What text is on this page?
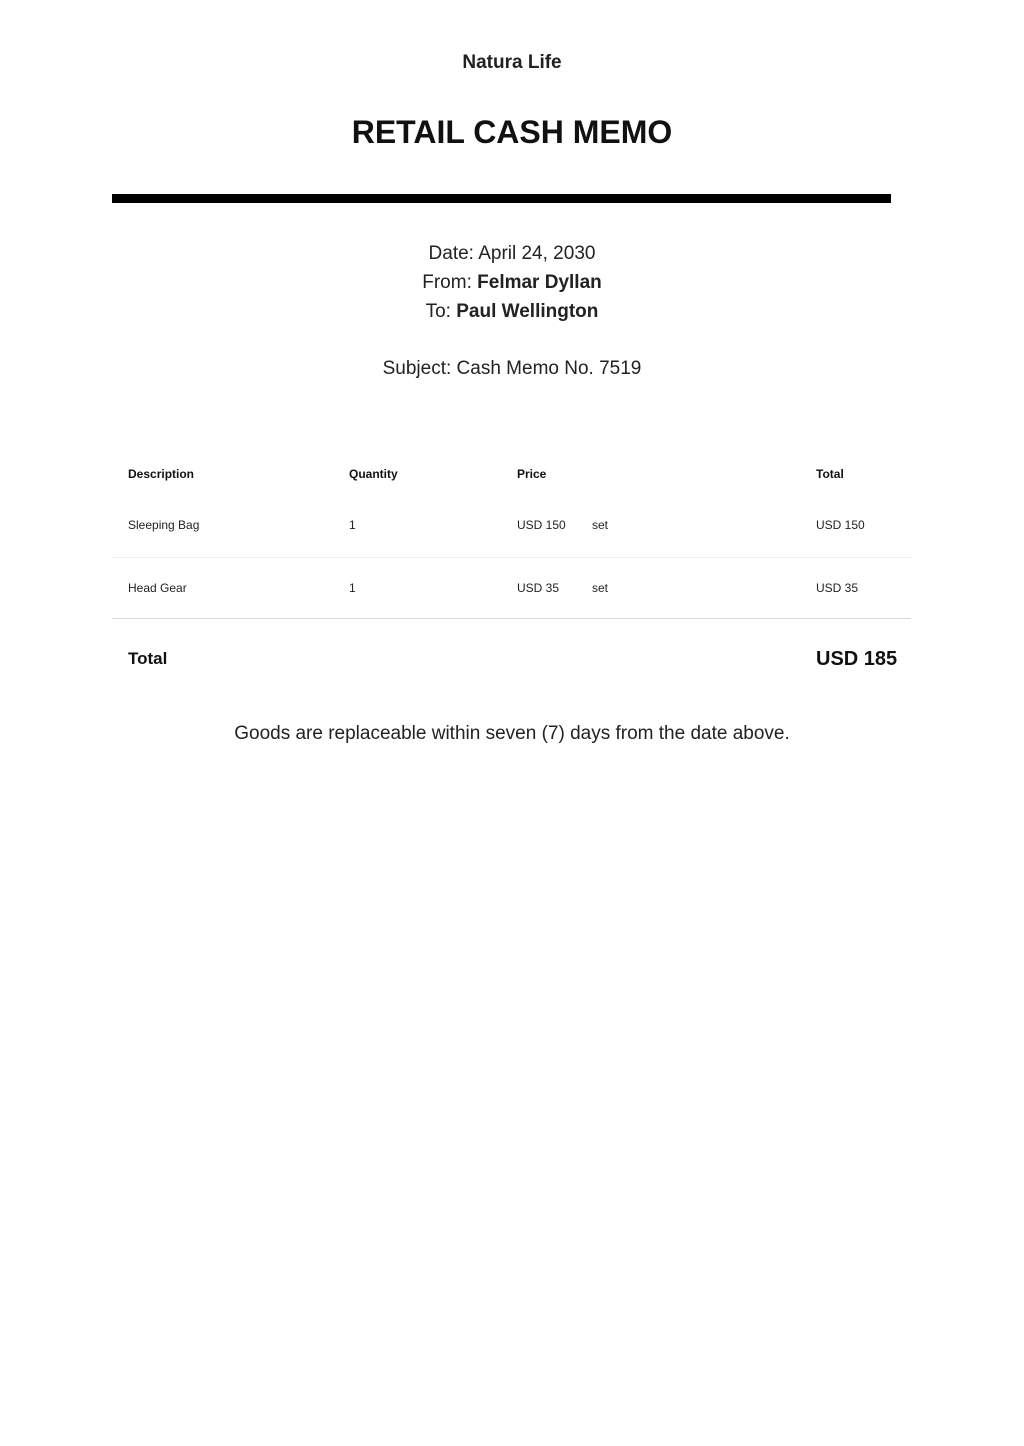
Natura Life
RETAIL CASH MEMO
Date: April 24, 2030
From: Felmar Dyllan
To: Paul Wellington
Subject: Cash Memo No. 7519
Description	Quantity	Price	Total
Sleeping Bag	1	USD 150 set	USD 150
Head Gear	1	USD 35	set	USD 35
Total	USD 185
Goods are replaceable within seven (7) days from the date above.
